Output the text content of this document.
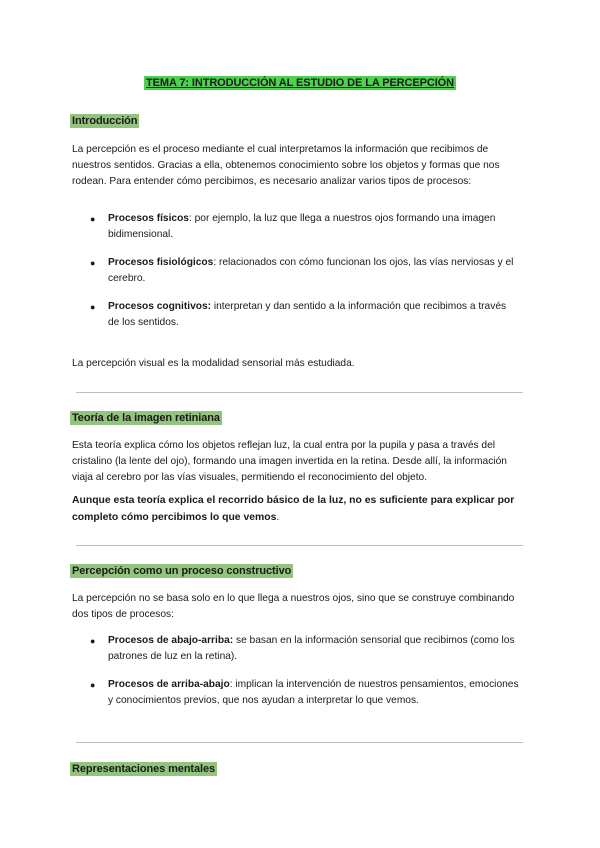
TEMA 7: INTRODUCCIÓN AL ESTUDIO DE LA PERCEPCIÓN
Introducción

La percepción es el proceso mediante el cual interpretamos la información que recibimos de nuestros sentidos. Gracias a ella, obtenemos conocimiento sobre los objetos y formas que nos rodean. Para entender cómo percibimos, es necesario analizar varios tipos de procesos:

●	Procesos físicos: por ejemplo, la luz que llega a nuestros ojos formando una imagen bidimensional.
●	Procesos fisiológicos: relacionados con cómo funcionan los ojos, las vías nerviosas y el cerebro.
●	Procesos cognitivos: interpretan y dan sentido a la información que recibimos a través de los sentidos.

La percepción visual es la modalidad sensorial más estudiada.

Teoría de la imagen retiniana

Esta teoría explica cómo los objetos reflejan luz, la cual entra por la pupila y pasa a través del cristalino (la lente del ojo), formando una imagen invertida en la retina. Desde allí, la información viaja al cerebro por las vías visuales, permitiendo el reconocimiento del objeto.

Aunque esta teoría explica el recorrido básico de la luz, no es suficiente para explicar por completo cómo percibimos lo que vemos.

Percepción como un proceso constructivo

La percepción no se basa solo en lo que llega a nuestros ojos, sino que se construye combinando dos tipos de procesos:

●	Procesos de abajo-arriba: se basan en la información sensorial que recibimos (como los patrones de luz en la retina).
●	Procesos de arriba-abajo: implican la intervención de nuestros pensamientos, emociones y conocimientos previos, que nos ayudan a interpretar lo que vemos.
Representaciones mentales
